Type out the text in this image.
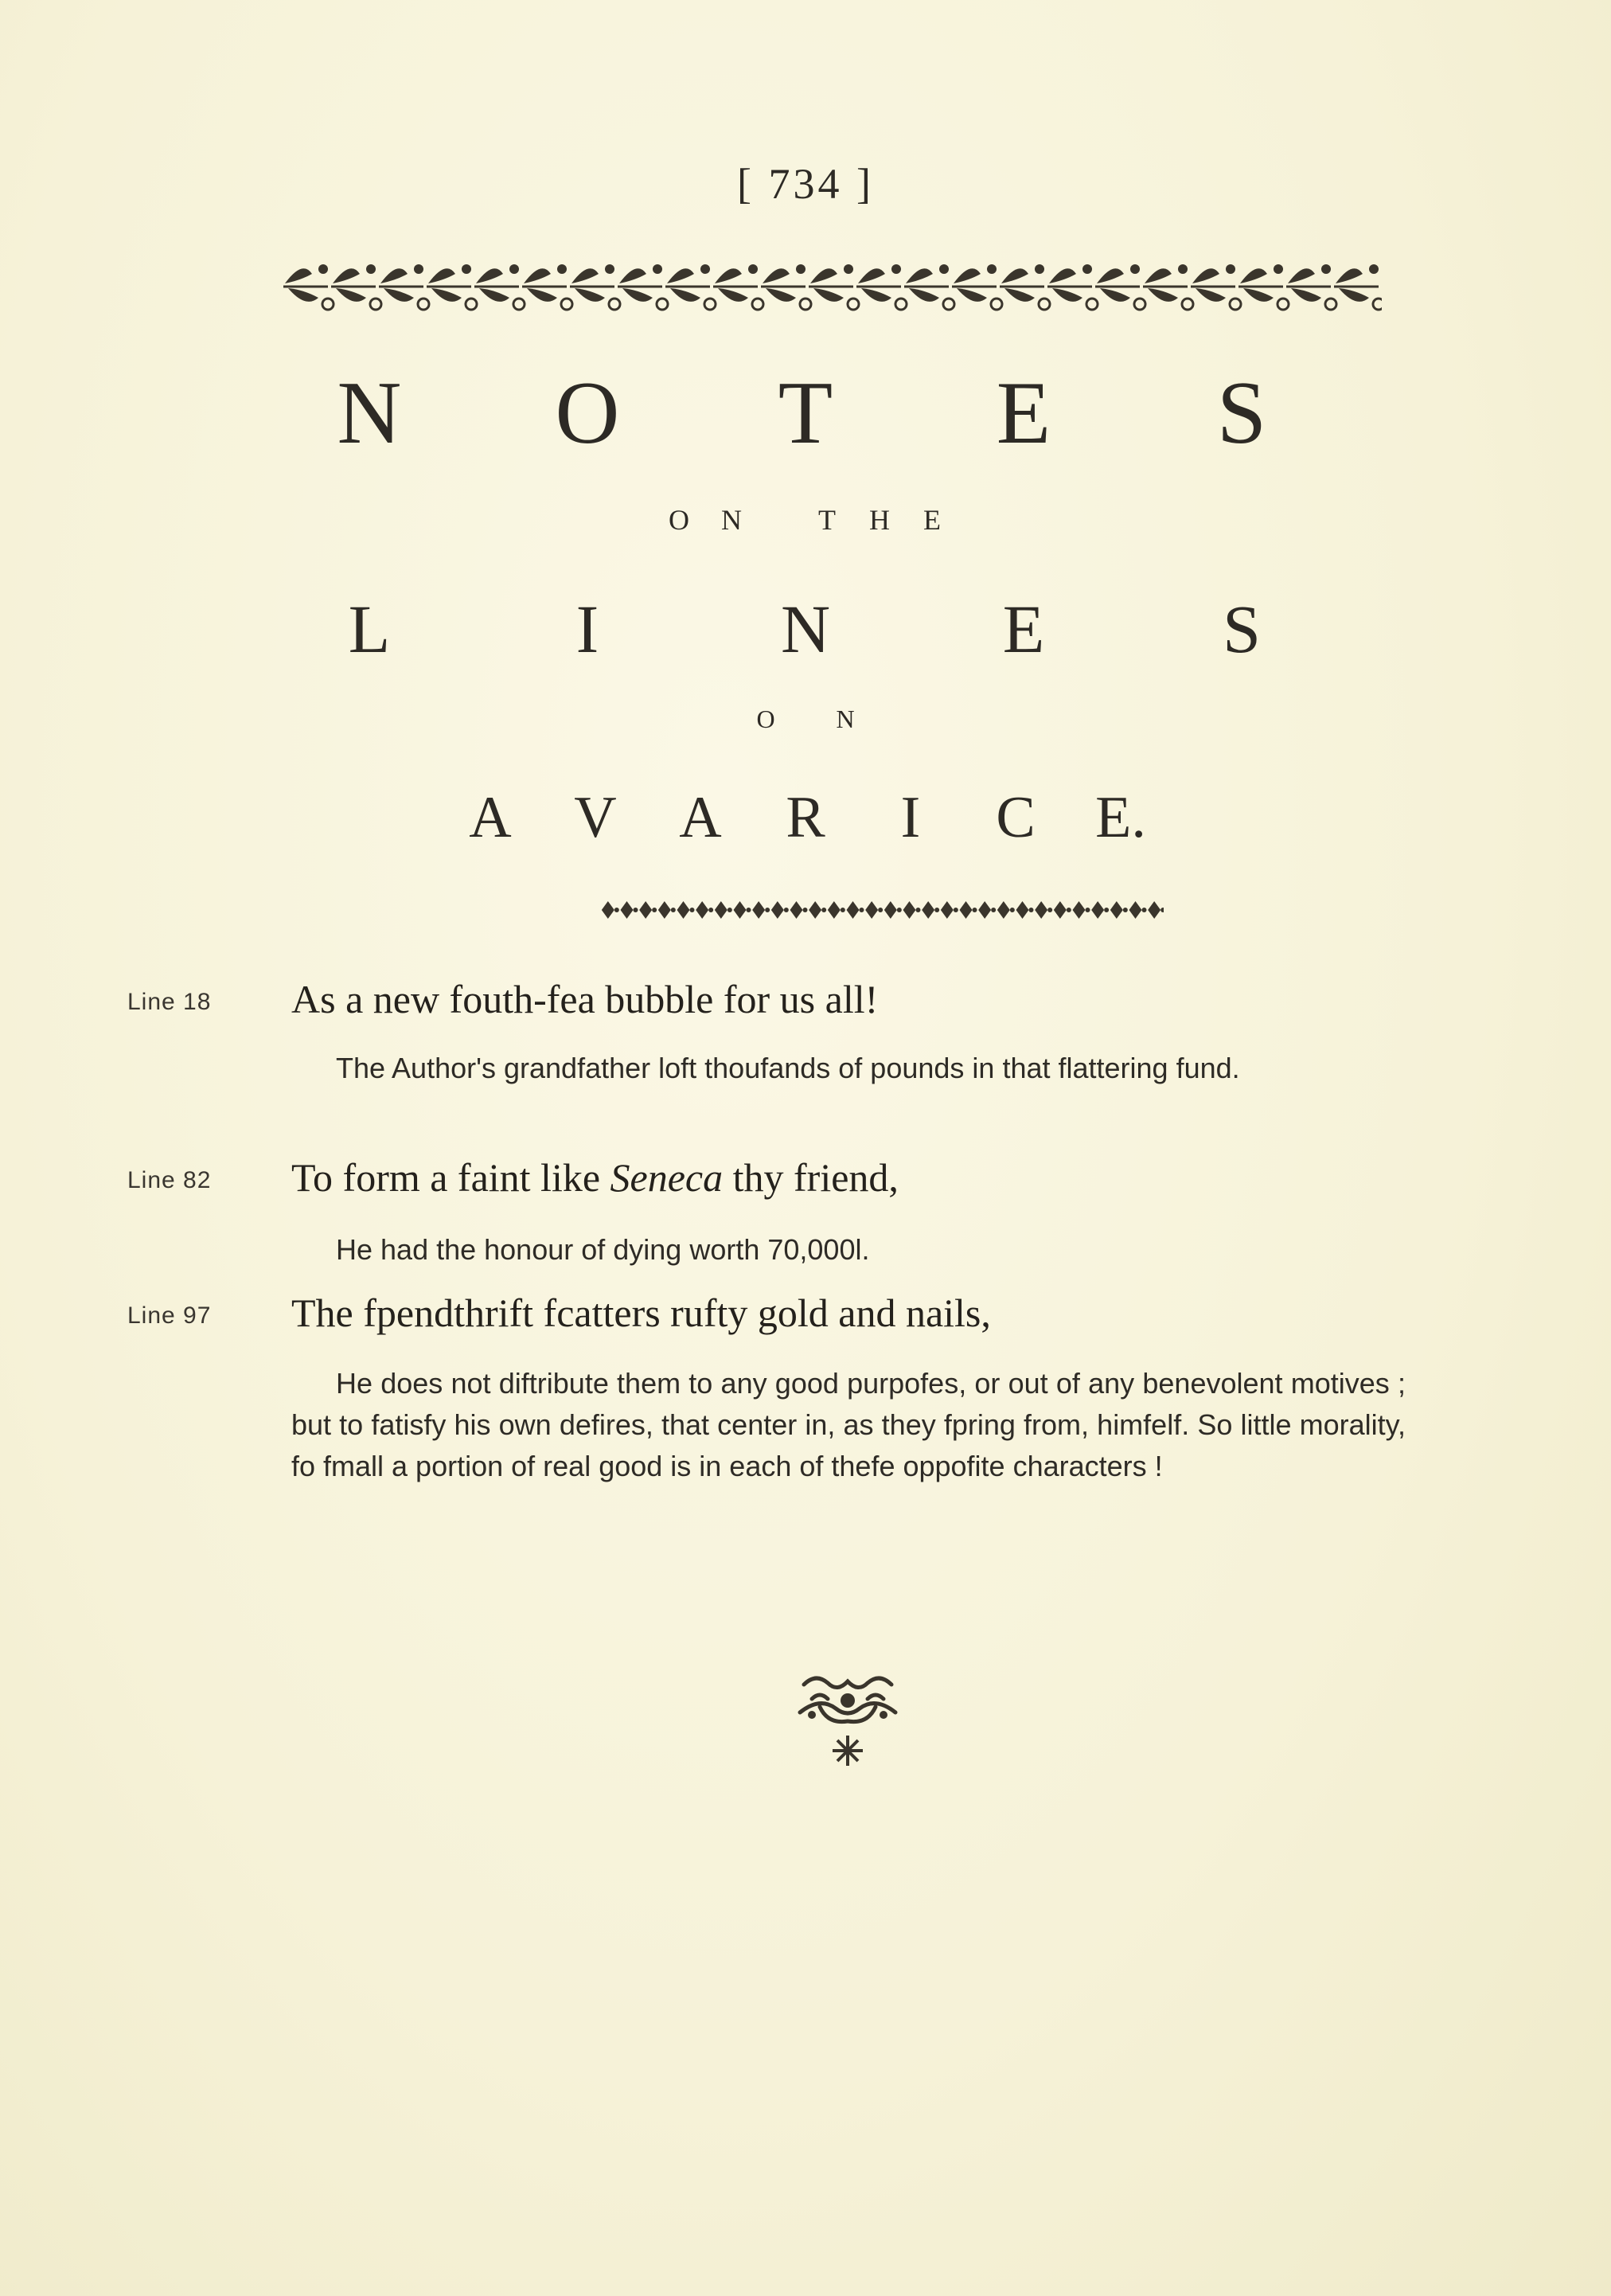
[ 734 ]
N	O	T	E	S
O	N	T	H	E
L	I	N	E	S
O	N
A	V	A	R	I	C	E.
Line 18 As a new fouth-fea bubble for us all!
The Author's grandfather loft thoufands of pounds in that flattering fund.
Line 82 To form a faint like Seneca thy friend,
He had the honour of dying worth 70,000l.
Line 97 The fpendthrift fcatters rufty gold and nails,
He does not diftribute them to any good purpofes, or out of any benevolent motives ; but to fatisfy his own defires, that center in, as they fpring from, himfelf. So little morality, fo fmall a portion of real good is in each of thefe oppofite characters !
